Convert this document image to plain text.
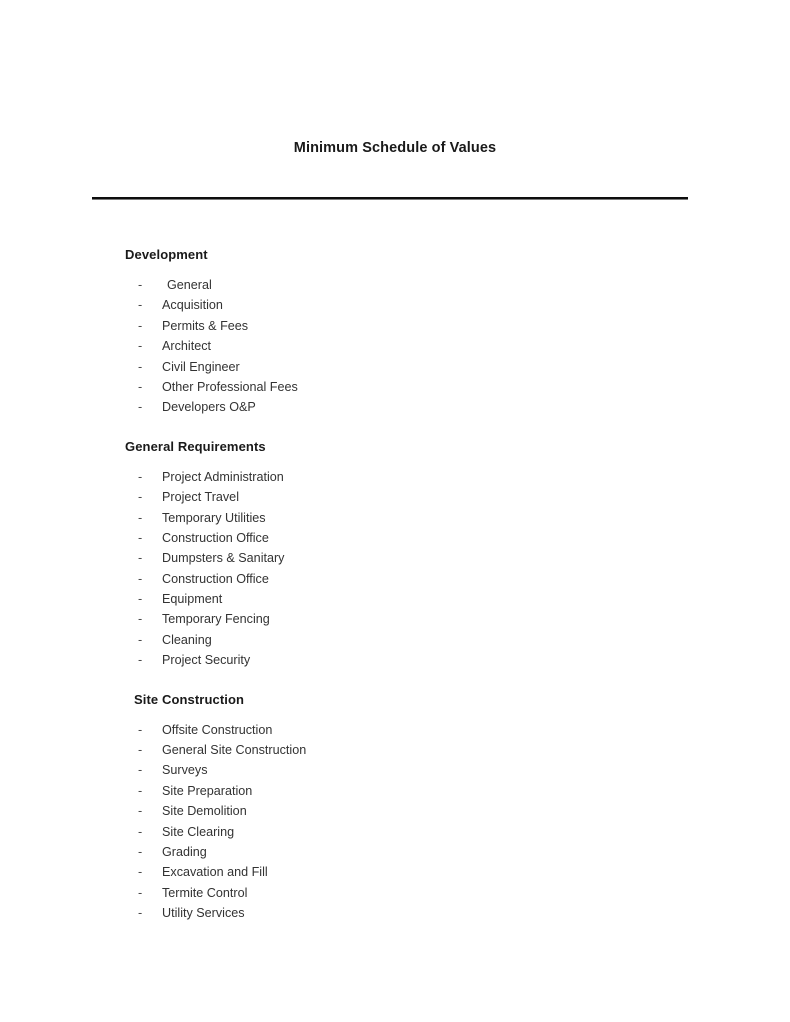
Minimum Schedule of Values
Development
- General
- Acquisition
- Permits & Fees
- Architect
- Civil Engineer
- Other Professional Fees
- Developers O&P
General Requirements
- Project Administration
- Project Travel
- Temporary Utilities
- Construction Office
- Dumpsters & Sanitary
- Construction Office
- Equipment
- Temporary Fencing
- Cleaning
- Project Security
Site Construction
- Offsite Construction
- General Site Construction
- Surveys
- Site Preparation
- Site Demolition
- Site Clearing
- Grading
- Excavation and Fill
- Termite Control
- Utility Services
